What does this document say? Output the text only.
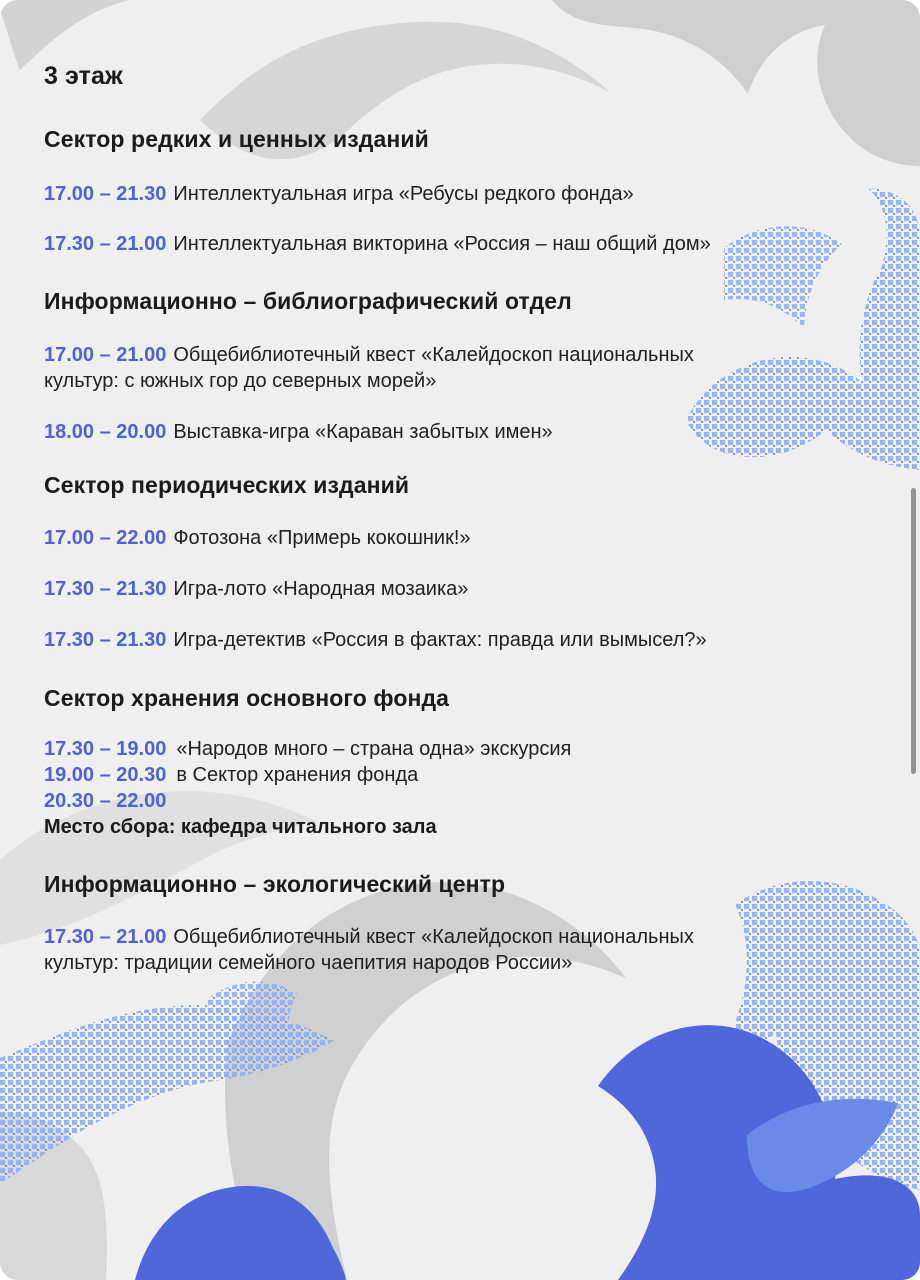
3 этаж
Сектор редких и ценных изданий
17.00 – 21.30 Интеллектуальная игра «Ребусы редкого фонда»
17.30 – 21.00 Интеллектуальная викторина «Россия – наш общий дом»
Информационно – библиографический отдел
17.00 – 21.00 Общебиблиотечный квест «Калейдоскоп национальных культур: с южных гор до северных морей»
18.00 – 20.00 Выставка-игра «Караван забытых имен»
Сектор периодических изданий
17.00 – 22.00 Фотозона «Примерь кокошник!»
17.30 – 21.30 Игра-лото «Народная мозаика»
17.30 – 21.30 Игра-детектив «Россия в фактах: правда или вымысел?»
Сектор хранения основного фонда
17.30 – 19.00 «Народов много – страна одна» экскурсия
19.00 – 20.30 в Сектор хранения фонда
20.30 – 22.00
Место сбора: кафедра читального зала
Информационно – экологический центр
17.30 – 21.00 Общебиблиотечный квест «Калейдоскоп национальных культур: традиции семейного чаепития народов России»
